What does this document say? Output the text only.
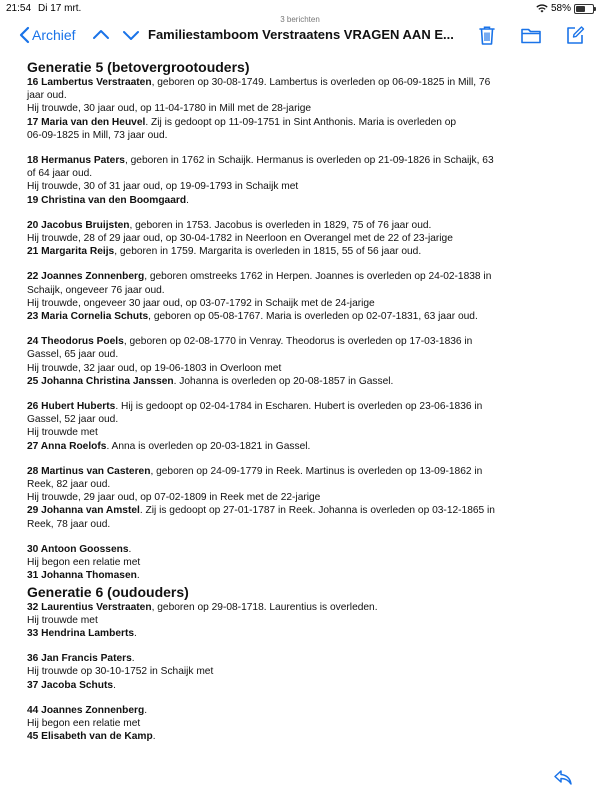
21:54 Di 17 mrt.
3 berichten
58%
Archief	Familiestamboom Verstraatens VRAGEN AAN E...
Generatie 5 (betovergrootouders)
16 Lambertus Verstraaten, geboren op 30-08-1749. Lambertus is overleden op 06-09-1825 in Mill, 76
jaar oud.
Hij trouwde, 30 jaar oud, op 11-04-1780 in Mill met de 28-jarige
17 Maria van den Heuvel. Zij is gedoopt op 11-09-1751 in Sint Anthonis. Maria is overleden op
06-09-1825 in Mill, 73 jaar oud.
18 Hermanus Paters, geboren in 1762 in Schaijk. Hermanus is overleden op 21-09-1826 in Schaijk, 63
of 64 jaar oud.
Hij trouwde, 30 of 31 jaar oud, op 19-09-1793 in Schaijk met
19 Christina van den Boomgaard.
20 Jacobus Bruijsten, geboren in 1753. Jacobus is overleden in 1829, 75 of 76 jaar oud.
Hij trouwde, 28 of 29 jaar oud, op 30-04-1782 in Neerloon en Overangel met de 22 of 23-jarige
21 Margarita Reijs, geboren in 1759. Margarita is overleden in 1815, 55 of 56 jaar oud.
22 Joannes Zonnenberg, geboren omstreeks 1762 in Herpen. Joannes is overleden op 24-02-1838 in
Schaijk, ongeveer 76 jaar oud.
Hij trouwde, ongeveer 30 jaar oud, op 03-07-1792 in Schaijk met de 24-jarige
23 Maria Cornelia Schuts, geboren op 05-08-1767. Maria is overleden op 02-07-1831, 63 jaar oud.
24 Theodorus Poels, geboren op 02-08-1770 in Venray. Theodorus is overleden op 17-03-1836 in
Gassel, 65 jaar oud.
Hij trouwde, 32 jaar oud, op 19-06-1803 in Overloon met
25 Johanna Christina Janssen. Johanna is overleden op 20-08-1857 in Gassel.
26 Hubert Huberts. Hij is gedoopt op 02-04-1784 in Escharen. Hubert is overleden op 23-06-1836 in
Gassel, 52 jaar oud.
Hij trouwde met
27 Anna Roelofs. Anna is overleden op 20-03-1821 in Gassel.
28 Martinus van Casteren, geboren op 24-09-1779 in Reek. Martinus is overleden op 13-09-1862 in
Reek, 82 jaar oud.
Hij trouwde, 29 jaar oud, op 07-02-1809 in Reek met de 22-jarige
29 Johanna van Amstel. Zij is gedoopt op 27-01-1787 in Reek. Johanna is overleden op 03-12-1865 in
Reek, 78 jaar oud.
30 Antoon Goossens.
Hij begon een relatie met
31 Johanna Thomasen.
Generatie 6 (oudouders)
32 Laurentius Verstraaten, geboren op 29-08-1718. Laurentius is overleden.
Hij trouwde met
33 Hendrina Lamberts.
36 Jan Francis Paters.
Hij trouwde op 30-10-1752 in Schaijk met
37 Jacoba Schuts.
44 Joannes Zonnenberg.
Hij begon een relatie met
45 Elisabeth van de Kamp.
